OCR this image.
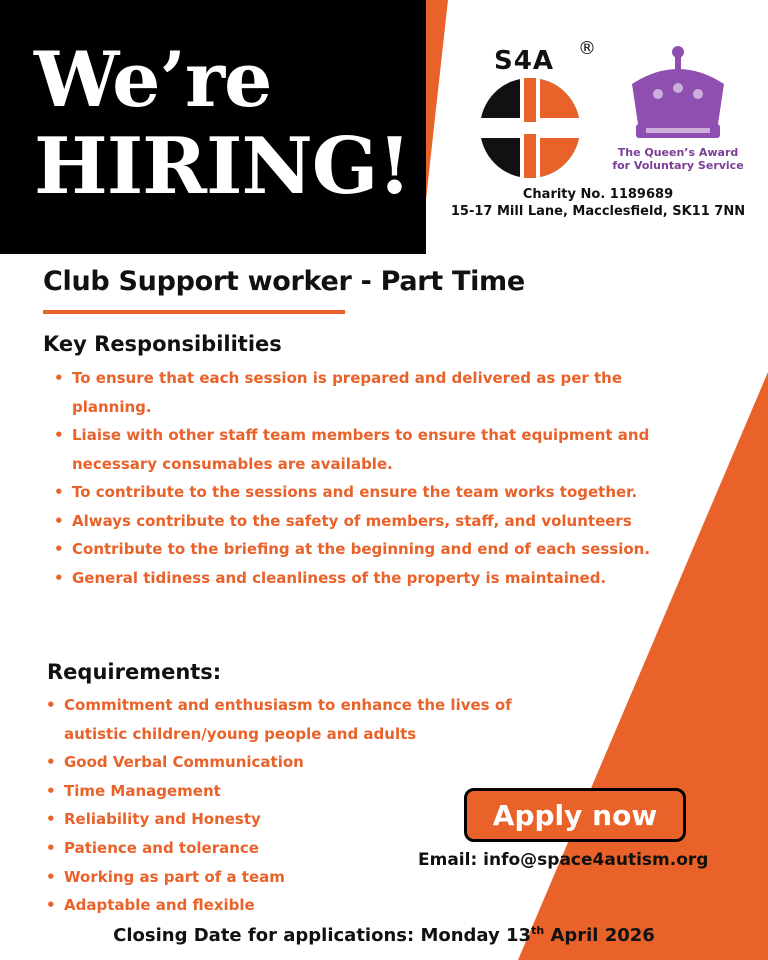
We’re
HIRING!
S4A ®
The Queen’s Award
for Voluntary Service
Charity No. 1189689
15-17 Mill Lane, Macclesfield, SK11 7NN
Club Support worker - Part Time
Key Responsibilities
• To ensure that each session is prepared and delivered as per the planning.
• Liaise with other staff team members to ensure that equipment and necessary consumables are available.
• To contribute to the sessions and ensure the team works together.
• Always contribute to the safety of members, staff, and volunteers
• Contribute to the briefing at the beginning and end of each session.
• General tidiness and cleanliness of the property is maintained.
Requirements:
• Commitment and enthusiasm to enhance the lives of autistic children/young people and adults
• Good Verbal Communication
• Time Management
• Reliability and Honesty
• Patience and tolerance
• Working as part of a team
• Adaptable and flexible
Apply now
Email: info@space4autism.org
Closing Date for applications: Monday 13th April 2026
